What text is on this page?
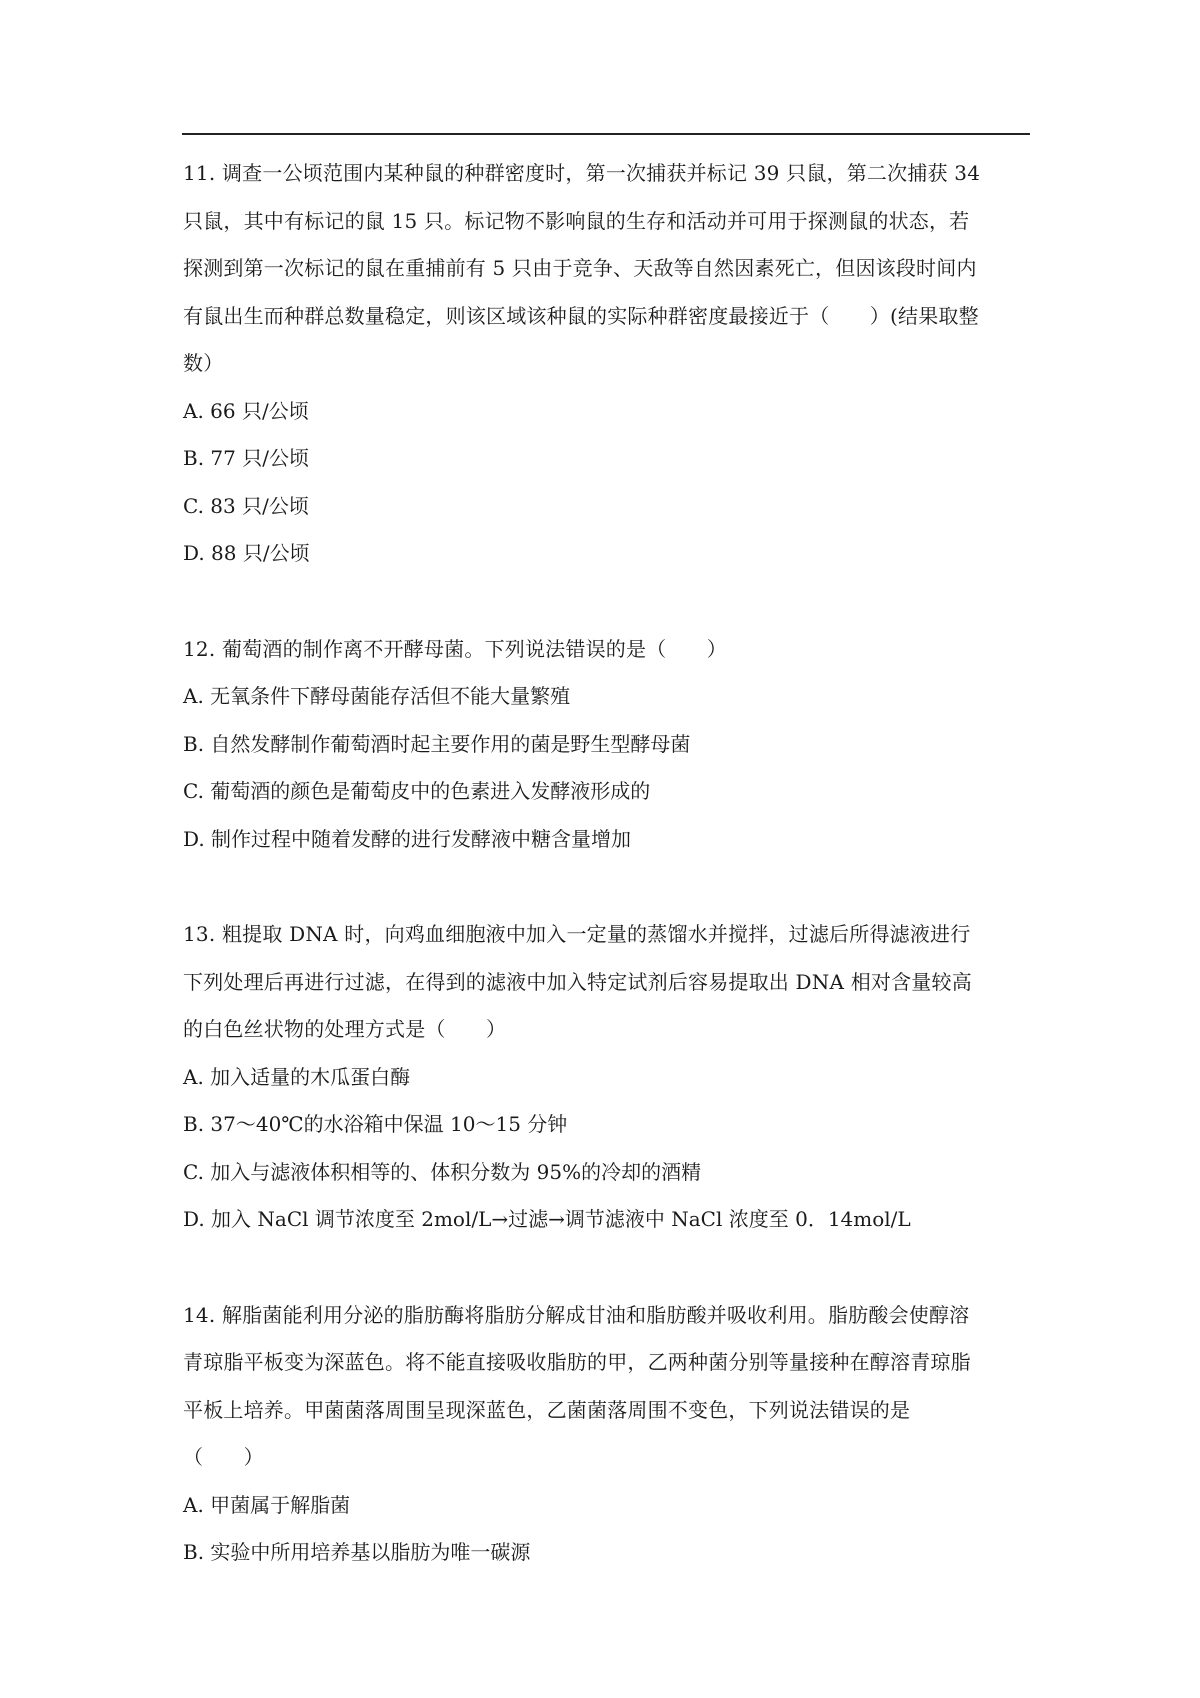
11. 调查一公顷范围内某种鼠的种群密度时，第一次捕获并标记 39 只鼠，第二次捕获 34
只鼠，其中有标记的鼠 15 只。标记物不影响鼠的生存和活动并可用于探测鼠的状态，若
探测到第一次标记的鼠在重捕前有 5 只由于竞争、天敌等自然因素死亡，但因该段时间内
有鼠出生而种群总数量稳定，则该区域该种鼠的实际种群密度最接近于（　　）(结果取整
数）

A. 66 只/公顷

B. 77 只/公顷

C. 83 只/公顷

D. 88 只/公顷

12. 葡萄酒的制作离不开酵母菌。下列说法错误的是（　　）

A. 无氧条件下酵母菌能存活但不能大量繁殖

B. 自然发酵制作葡萄酒时起主要作用的菌是野生型酵母菌

C. 葡萄酒的颜色是葡萄皮中的色素进入发酵液形成的

D. 制作过程中随着发酵的进行发酵液中糖含量增加

13. 粗提取 DNA 时，向鸡血细胞液中加入一定量的蒸馏水并搅拌，过滤后所得滤液进行
下列处理后再进行过滤，在得到的滤液中加入特定试剂后容易提取出 DNA 相对含量较高
的白色丝状物的处理方式是（　　）

A. 加入适量的木瓜蛋白酶

B. 37～40℃的水浴箱中保温 10～15 分钟

C. 加入与滤液体积相等的、体积分数为 95%的冷却的酒精

D. 加入 NaCl 调节浓度至 2mol/L→过滤→调节滤液中 NaCl 浓度至 0．14mol/L

14. 解脂菌能利用分泌的脂肪酶将脂肪分解成甘油和脂肪酸并吸收利用。脂肪酸会使醇溶
青琼脂平板变为深蓝色。将不能直接吸收脂肪的甲，乙两种菌分别等量接种在醇溶青琼脂
平板上培养。甲菌菌落周围呈现深蓝色，乙菌菌落周围不变色，下列说法错误的是
（　　）

A. 甲菌属于解脂菌

B. 实验中所用培养基以脂肪为唯一碳源
